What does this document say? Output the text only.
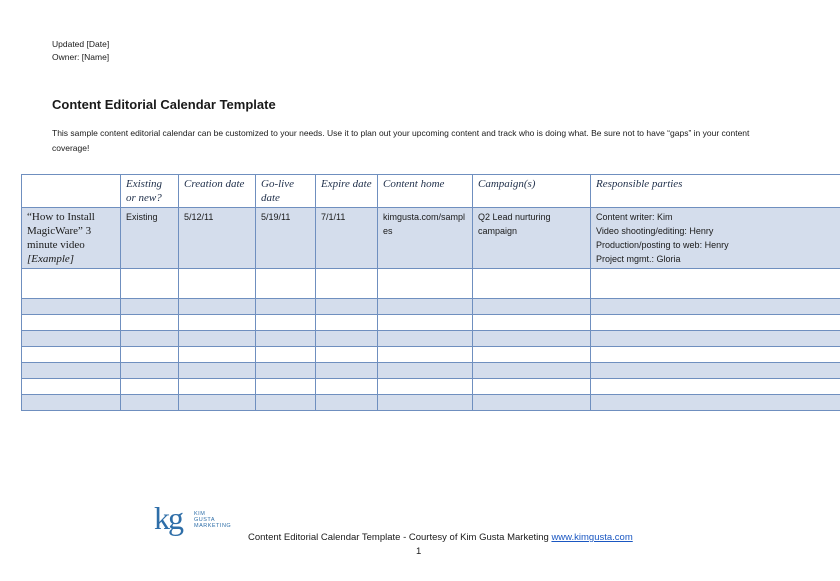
Updated [Date]
Owner: [Name]
Content Editorial Calendar Template

This sample content editorial calendar can be customized to your needs. Use it to plan out your upcoming content and track who is doing what. Be sure not to have “gaps” in your content coverage!

	Existing or new?	Creation date	Go-live date	Expire date	Content home	Campaign(s)	Responsible parties
“How to Install MagicWare” 3 minute video [Example]	Existing	5/12/11	5/19/11	7/1/11	kimgusta.com/samples	Q2 Lead nurturing campaign	Content writer: Kim
Video shooting/editing: Henry
Production/posting to web: Henry
Project mgmt.: Gloria

kg KIM
GUSTA
MARKETING
Content Editorial Calendar Template - Courtesy of Kim Gusta Marketing www.kimgusta.com
1
